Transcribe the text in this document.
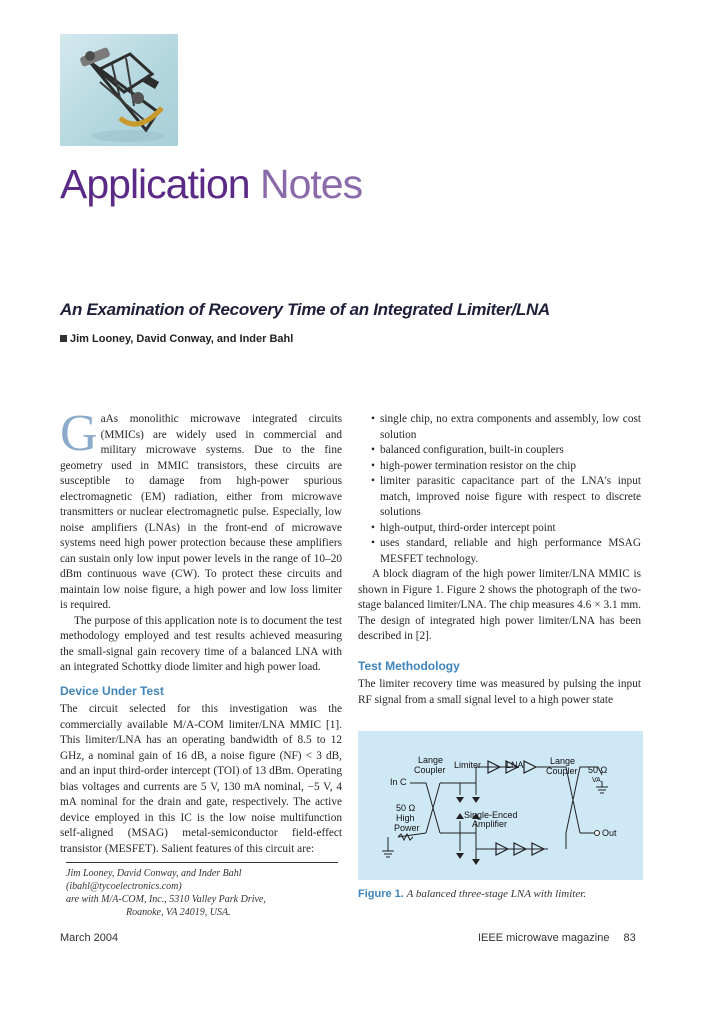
Application Notes
An Examination of Recovery Time of an Integrated Limiter/LNA
Jim Looney, David Conway, and Inder Bahl

GaAs monolithic microwave integrated circuits (MMICs) are widely used in commercial and military microwave systems. Due to the fine geometry used in MMIC transistors, these circuits are susceptible to damage from high-power spurious electromagnetic (EM) radiation, either from microwave transmitters or nuclear electromagnetic pulse. Especially, low noise amplifiers (LNAs) in the front-end of microwave systems need high power protection because these amplifiers can sustain only low input power levels in the range of 10–20 dBm continuous wave (CW). To protect these circuits and maintain low noise figure, a high power and low loss limiter is required.

The purpose of this application note is to document the test methodology employed and test results achieved measuring the small-signal gain recovery time of a balanced LNA with an integrated Schottky diode limiter and high power load.

Device Under Test

The circuit selected for this investigation was the commercially available M/A-COM limiter/LNA MMIC [1]. This limiter/LNA has an operating bandwidth of 8.5 to 12 GHz, a nominal gain of 16 dB, a noise figure (NF) < 3 dB, and an input third-order intercept (TOI) of 13 dBm. Operating bias voltages and currents are 5 V, 130 mA nominal, −5 V, 4 mA nominal for the drain and gate, respectively. The active device employed in this IC is the low noise multifunction self-aligned (MSAG) metal-semiconductor field-effect transistor (MESFET). Salient features of this circuit are:

• single chip, no extra components and assembly, low cost solution
• balanced configuration, built-in couplers
• high-power termination resistor on the chip
• limiter parasitic capacitance part of the LNA's input match, improved noise figure with respect to discrete solutions
• high-output, third-order intercept point
• uses standard, reliable and high performance MSAG MESFET technology.

A block diagram of the high power limiter/LNA MMIC is shown in Figure 1. Figure 2 shows the photograph of the two-stage balanced limiter/LNA. The chip measures 4.6 × 3.1 mm. The design of integrated high power limiter/LNA has been described in [2].

Test Methodology

The limiter recovery time was measured by pulsing the input RF signal from a small signal level to a high power state

Jim Looney, David Conway, and Inder Bahl (ibahl@tycoelectronics.com)
are with M/A-COM, Inc., 5310 Valley Park Drive,
Roanoke, VA 24019, USA.
Lange
Coupler Limiter	LNA	Lange
Coupler
In C
50 Ω
VA
50 Ω
High
Power
Single-Enced
Amplifier
Out
Figure 1. A balanced three-stage LNA with limiter.
March 2004	IEEE microwave magazine 83
